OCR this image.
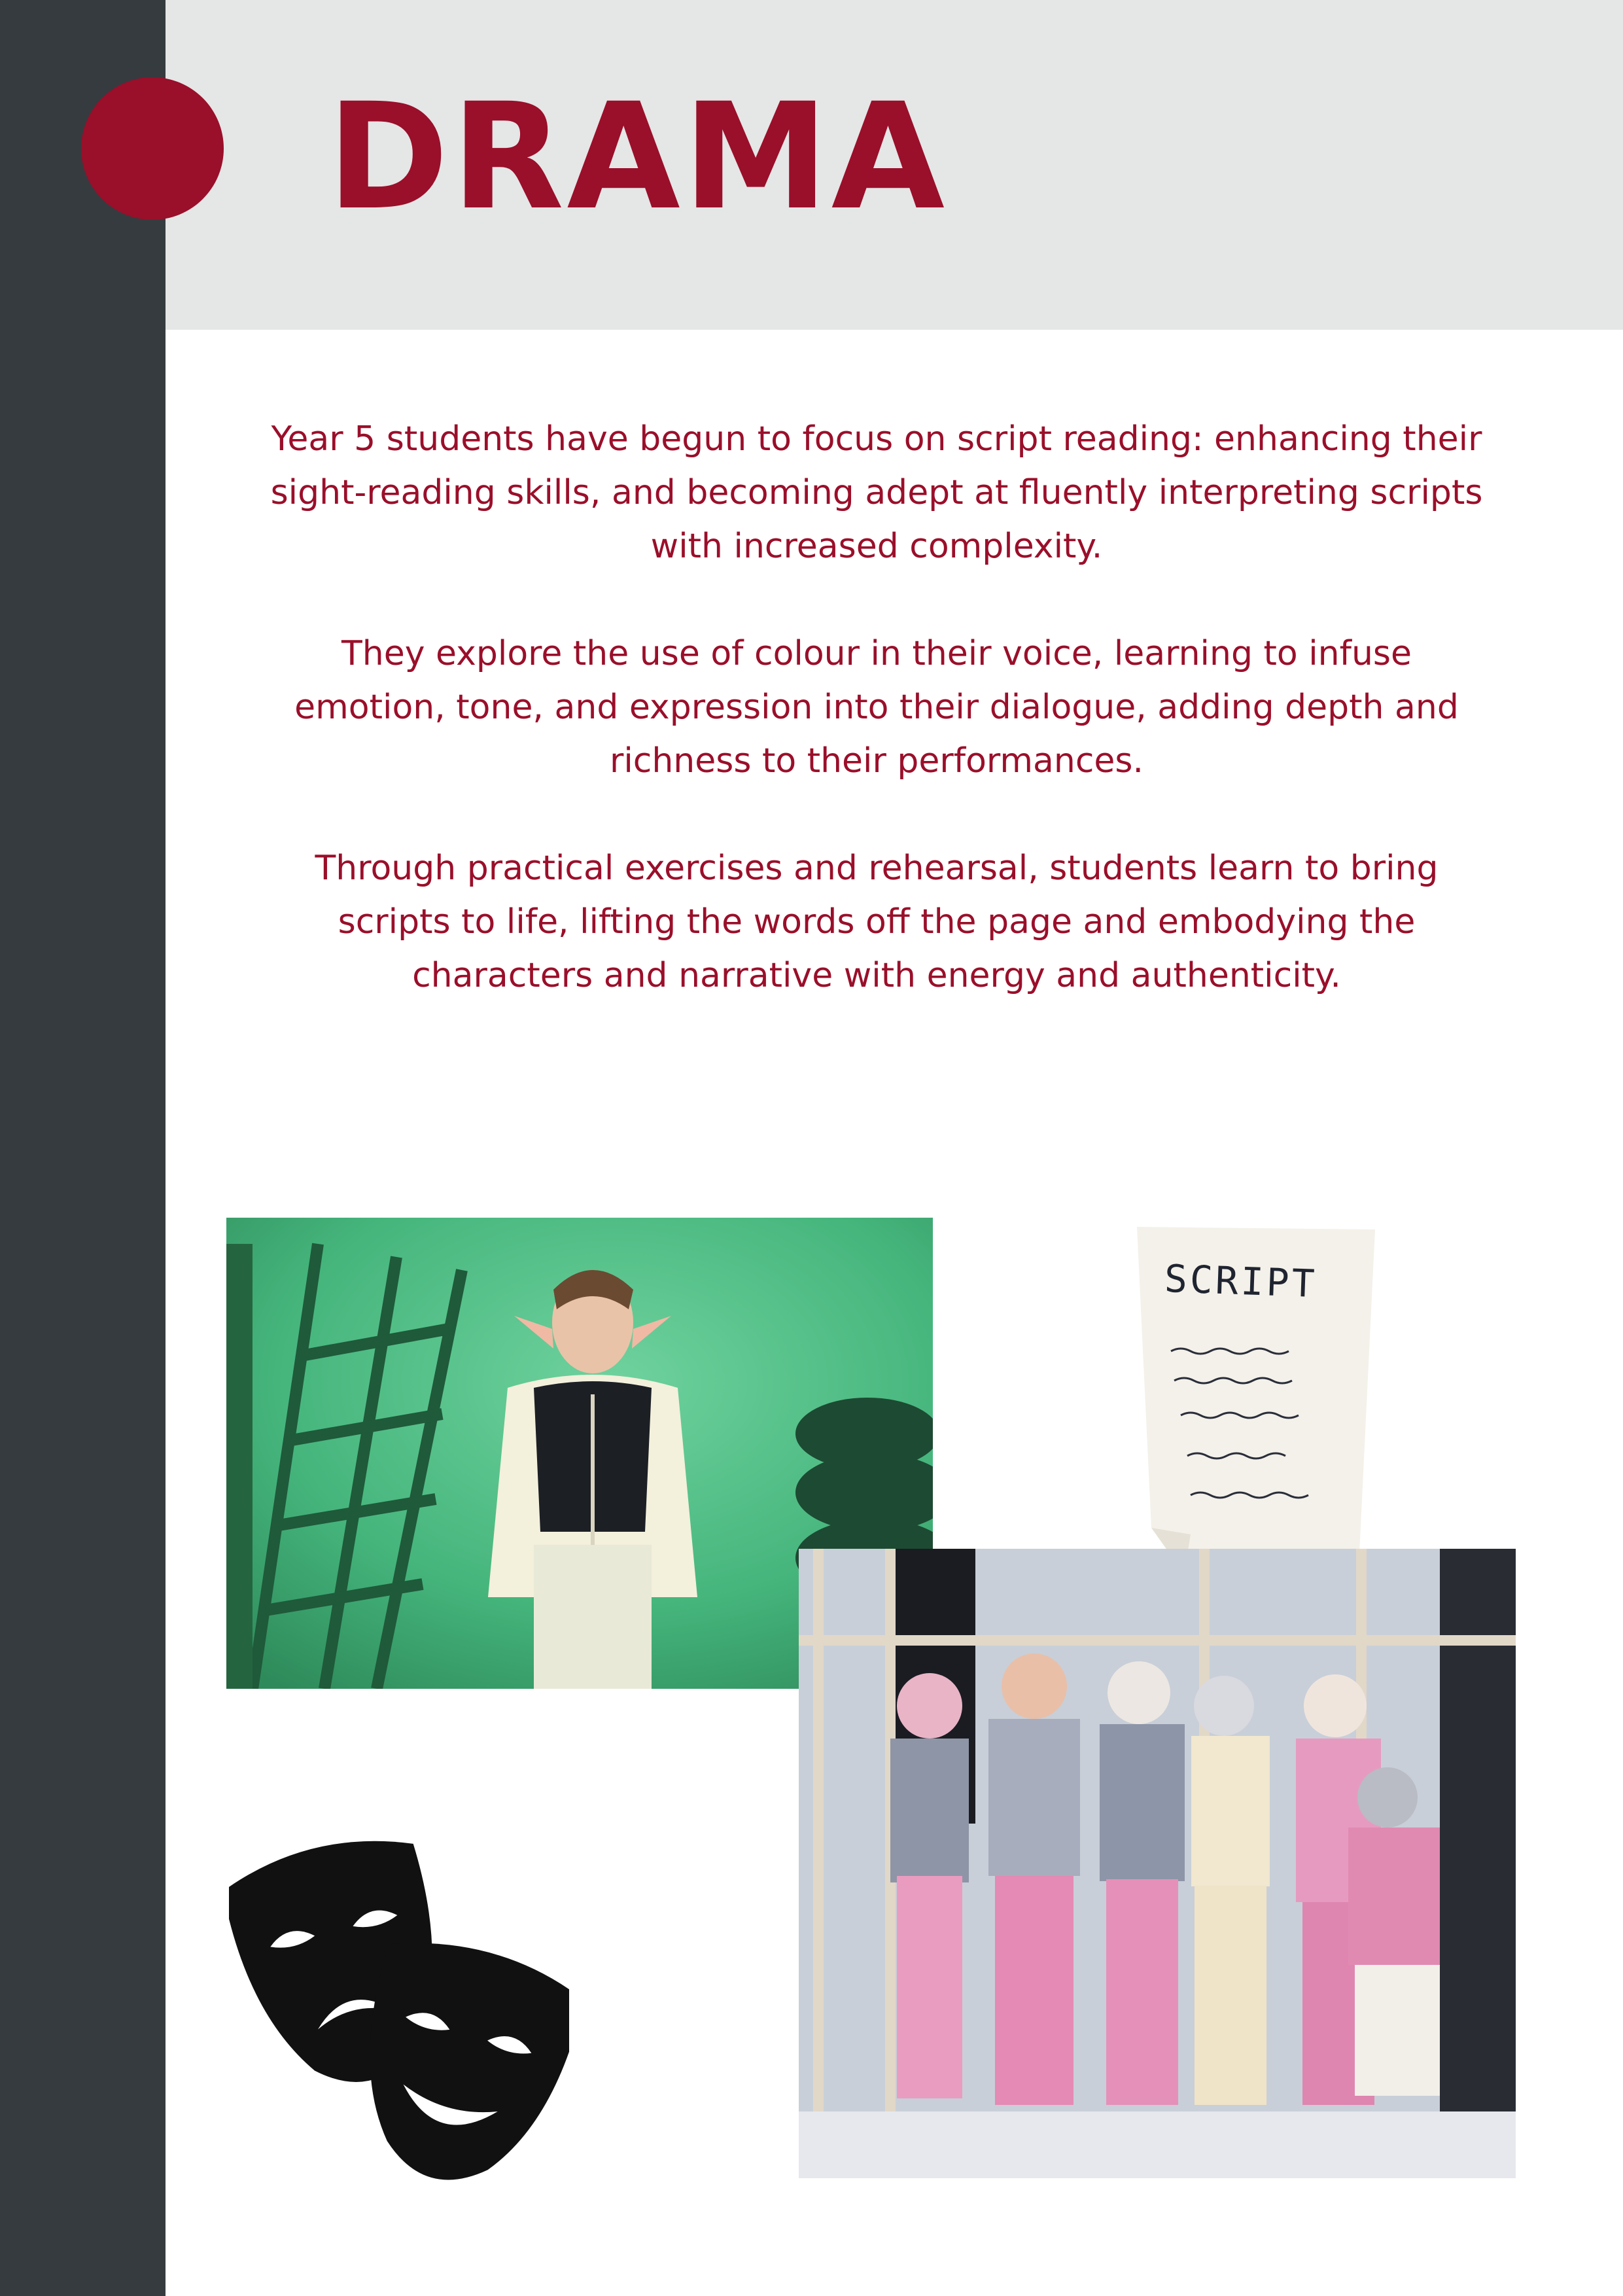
DRAMA

Year 5 students have begun to focus on script reading: enhancing their sight-reading skills, and becoming adept at fluently interpreting scripts with increased complexity.

They explore the use of colour in their voice, learning to infuse emotion, tone, and expression into their dialogue, adding depth and richness to their performances.

Through practical exercises and rehearsal, students learn to bring scripts to life, lifting the words off the page and embodying the characters and narrative with energy and authenticity.

SCRIPT
